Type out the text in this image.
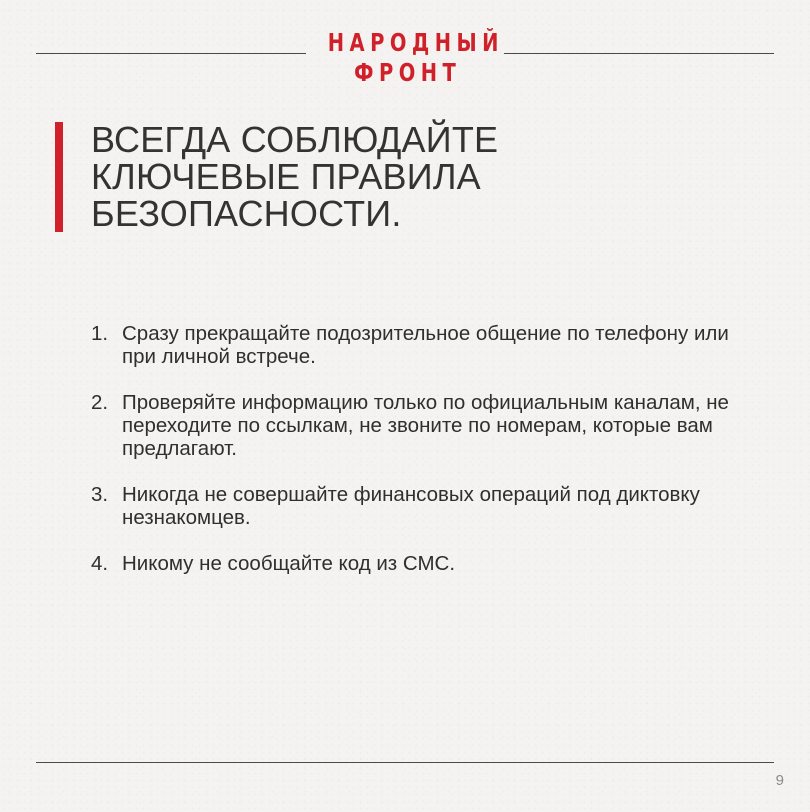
НАРОДНЫЙ
ФРОНТ
ВСЕГДА СОБЛЮДАЙТЕ
КЛЮЧЕВЫЕ ПРАВИЛА
БЕЗОПАСНОСТИ.
1. Сразу прекращайте подозрительное общение по телефону или при личной встрече.
2. Проверяйте информацию только по официальным каналам, не переходите по ссылкам, не звоните по номерам, которые вам предлагают.
3. Никогда не совершайте финансовых операций под диктовку незнакомцев.
4. Никому не сообщайте код из СМС.
9
